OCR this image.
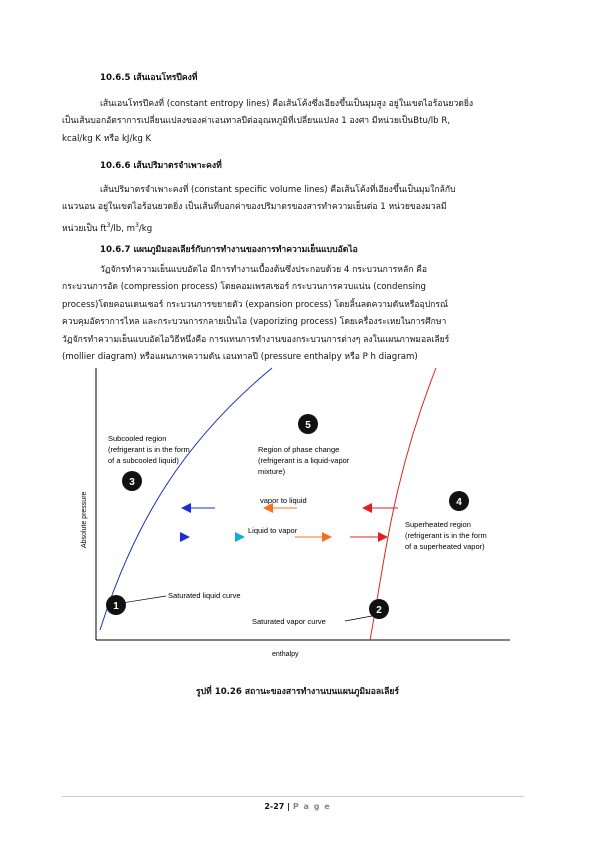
10.6.5 เส้นเอนโทรปีคงที่
เส้นเอนโทรปีคงที่ (constant entropy lines) คือเส้นโค้งซึ่งเอียงขึ้นเป็นมุมสูง อยู่ในเขตไอร้อนยวดยิ่ง
เป็นเส้นบอกอัตราการเปลี่ยนแปลงของค่าเอนทาลปีต่ออุณหภูมิที่เปลี่ยนแปลง 1 องศา มีหน่วยเป็นBtu/lb R,
kcal/kg K หรือ kJ/kg K
10.6.6 เส้นปริมาตรจำเพาะคงที่
เส้นปริมาตรจำเพาะคงที่ (constant specific volume lines) คือเส้นโค้งที่เอียงขึ้นเป็นมุมใกล้กับ
แนวนอน อยู่ในเขตไอร้อนยวดยิ่ง เป็นเส้นที่บอกค่าของปริมาตรของสารทำความเย็นต่อ 1 หน่วยของมวลมี
หน่วยเป็น $ft^3/lb$, $m^3/kg$
10.6.7 แผนภูมิมอลเลียร์กับการทำงานของการทำความเย็นแบบอัดไอ
วัฏจักรทำความเย็นแบบอัดไอ มีการทำงานเบื้องต้นซึ่งประกอบด้วย 4 กระบวนการหลัก คือ
กระบวนการอัด (compression process) โดยคอมเพรสเซอร์ กระบวนการควบแน่น (condensing
process)โดยคอนเดนเซอร์ กระบวนการขยายตัว (expansion process) โดยลิ้นลดความดันหรืออุปกรณ์
ควบคุมอัตราการไหล และกระบวนการกลายเป็นไอ (vaporizing process) โดยเครื่องระเหยในการศึกษา
วัฏจักรทำความเย็นแบบอัดไอวิธีหนึ่งคือ การแทนการทำงานของกระบวนการต่างๆ ลงในแผนภาพมอลเลียร์
(mollier diagram) หรือแผนภาพความดัน เอนทาลปี (pressure enthalpy หรือ P h diagram)
Absolute pressure
enthalpy
Subcooled region
(refrigerant is in the form
of a subcooled liquid)
Region of phase change
(refrigerant is a liquid-vapor
mixture)
Superheated region
(refrigerant is in the form
of a superheated vapor)
vapor to liquid
Liquid to vapor
Saturated liquid curve
Saturated vapor curve
1	2
3
4
5
รูปที่ 10.26 สถานะของสารทำงานบนแผนภูมิมอลเลียร์
2-27 | P a g e
